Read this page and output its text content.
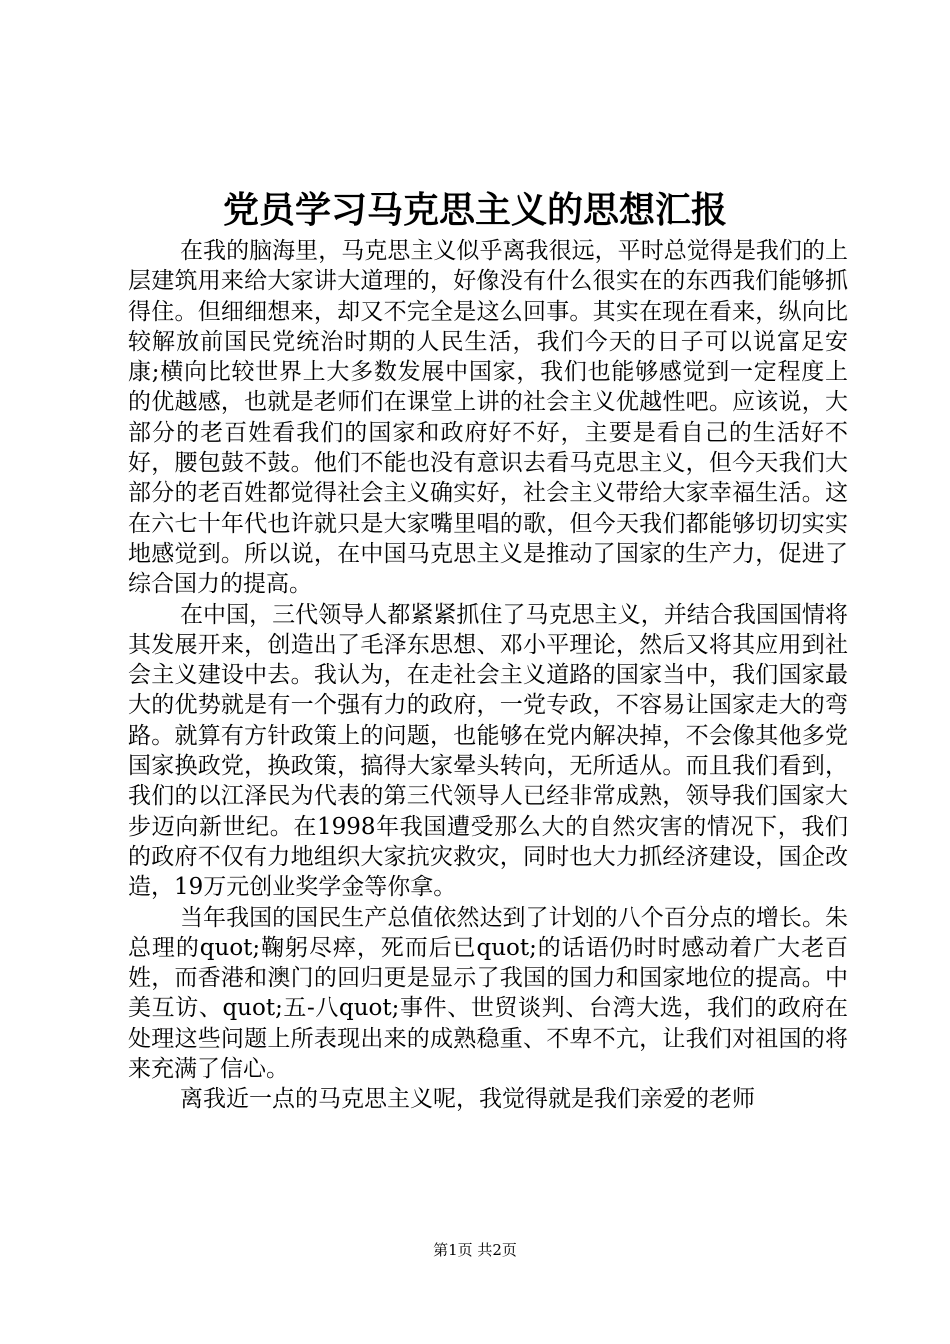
党员学习马克思主义的思想汇报

在我的脑海里，马克思主义似乎离我很远，平时总觉得是我们的上层建筑用来给大家讲大道理的，好像没有什么很实在的东西我们能够抓得住。但细细想来，却又不完全是这么回事。其实在现在看来，纵向比较解放前国民党统治时期的人民生活，我们今天的日子可以说富足安康;横向比较世界上大多数发展中国家，我们也能够感觉到一定程度上的优越感，也就是老师们在课堂上讲的社会主义优越性吧。应该说，大部分的老百姓看我们的国家和政府好不好，主要是看自己的生活好不好，腰包鼓不鼓。他们不能也没有意识去看马克思主义，但今天我们大部分的老百姓都觉得社会主义确实好，社会主义带给大家幸福生活。这在六七十年代也许就只是大家嘴里唱的歌，但今天我们都能够切切实实地感觉到。所以说，在中国马克思主义是推动了国家的生产力，促进了综合国力的提高。

在中国，三代领导人都紧紧抓住了马克思主义，并结合我国国情将其发展开来，创造出了毛泽东思想、邓小平理论，然后又将其应用到社会主义建设中去。我认为，在走社会主义道路的国家当中，我们国家最大的优势就是有一个强有力的政府，一党专政，不容易让国家走大的弯路。就算有方针政策上的问题，也能够在党内解决掉，不会像其他多党国家换政党，换政策，搞得大家晕头转向，无所适从。而且我们看到，我们的以江泽民为代表的第三代领导人已经非常成熟，领导我们国家大步迈向新世纪。在1998年我国遭受那么大的自然灾害的情况下，我们的政府不仅有力地组织大家抗灾救灾，同时也大力抓经济建设，国企改造，19万元创业奖学金等你拿。

当年我国的国民生产总值依然达到了计划的八个百分点的增长。朱总理的quot;鞠躬尽瘁，死而后已quot;的话语仍时时感动着广大老百姓，而香港和澳门的回归更是显示了我国的国力和国家地位的提高。中美互访、quot;五-八quot;事件、世贸谈判、台湾大选，我们的政府在处理这些问题上所表现出来的成熟稳重、不卑不亢，让我们对祖国的将来充满了信心。

离我近一点的马克思主义呢，我觉得就是我们亲爱的老师

第1页 共2页
